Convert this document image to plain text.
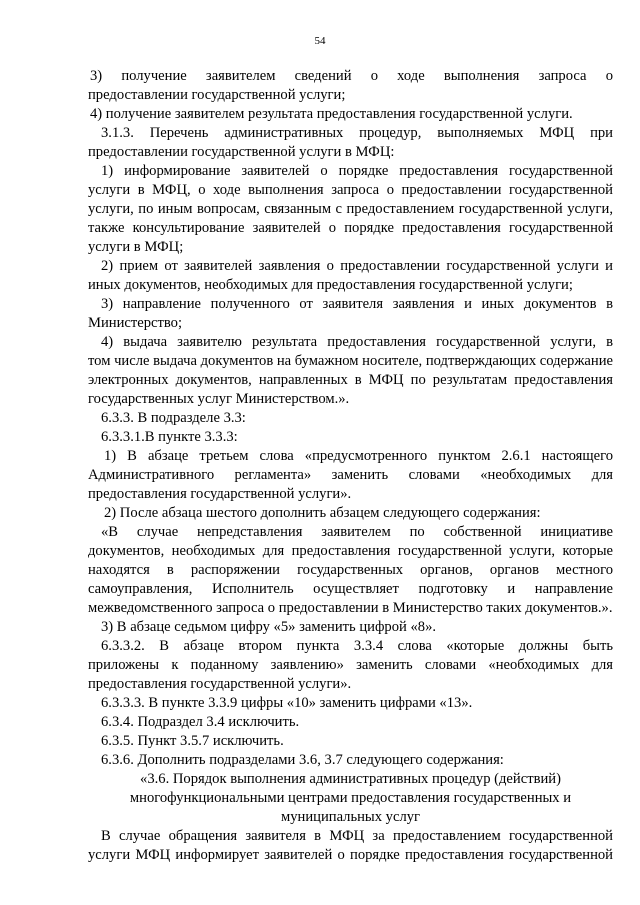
54
3) получение заявителем сведений о ходе выполнения запроса о
предоставлении государственной услуги;
4) получение заявителем результата предоставления государственной услуги.
3.1.3. Перечень административных процедур, выполняемых МФЦ при
предоставлении государственной услуги в МФЦ:
1) информирование заявителей о порядке предоставления государственной
услуги в МФЦ, о ходе выполнения запроса о предоставлении государственной
услуги, по иным вопросам, связанным с предоставлением государственной услуги,
также консультирование заявителей о порядке предоставления государственной
услуги в МФЦ;
2) прием от заявителей заявления о предоставлении государственной услуги и
иных документов, необходимых для предоставления государственной услуги;
3) направление полученного от заявителя заявления и иных документов в
Министерство;
4) выдача заявителю результата предоставления государственной услуги, в
том числе выдача документов на бумажном носителе, подтверждающих содержание
электронных документов, направленных в МФЦ по результатам предоставления
государственных услуг Министерством.».
6.3.3. В подразделе 3.3:
6.3.3.1.В пункте 3.3.3:
1) В абзаце третьем слова «предусмотренного пунктом 2.6.1 настоящего
Административного регламента» заменить словами «необходимых для
предоставления государственной услуги».
2) После абзаца шестого дополнить абзацем следующего содержания:
«В случае непредставления заявителем по собственной инициативе
документов, необходимых для предоставления государственной услуги, которые
находятся в распоряжении государственных органов, органов местного
самоуправления, Исполнитель осуществляет подготовку и направление
межведомственного запроса о предоставлении в Министерство таких документов.».
3) В абзаце седьмом цифру «5» заменить цифрой «8».
6.3.3.2. В абзаце втором пункта 3.3.4 слова «которые должны быть
приложены к поданному заявлению» заменить словами «необходимых для
предоставления государственной услуги».
6.3.3.3. В пункте 3.3.9 цифры «10» заменить цифрами «13».
6.3.4. Подраздел 3.4 исключить.
6.3.5. Пункт 3.5.7 исключить.
6.3.6. Дополнить подразделами 3.6, 3.7 следующего содержания:
«3.6. Порядок выполнения административных процедур (действий)
многофункциональными центрами предоставления государственных и
муниципальных услуг
В случае обращения заявителя в МФЦ за предоставлением государственной
услуги МФЦ информирует заявителей о порядке предоставления государственной
